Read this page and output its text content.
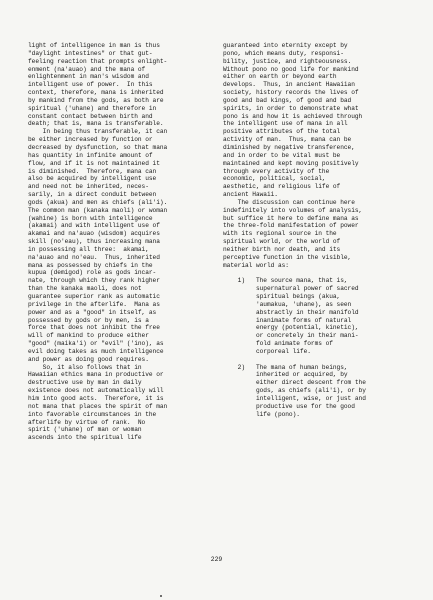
light of intelligence in man is thus
"daylight intestines" or that gut-
feeling reaction that prompts enlight-
enment (na'auao) and the mana of
enlightenment in man's wisdom and
intelligent use of power.  In this
context, therefore, mana is inherited
by mankind from the gods, as both are
spiritual ('uhane) and therefore in
constant contact between birth and
death; that is, mana is transferable.
In being thus transferable, it can
be either increased by function or
decreased by dysfunction, so that mana
has quantity in infinite amount of
flow, and if it is not maintained it
is diminished.  Therefore, mana can
also be acquired by intelligent use
and need not be inherited, neces-
sarily, in a direct conduit between
gods (akua) and men as chiefs (ali'i).
The common man (kanaka maoli) or woman
(wahine) is born with intelligence
(akamai) and with intelligent use of
akamai and na'auao (wisdom) acquires
skill (no'eau), thus increasing mana
in possessing all three:  akamai,
na'auao and no'eau.  Thus, inherited
mana as possessed by chiefs in the
kupua (demigod) role as gods incar-
nate, through which they rank higher
than the kanaka maoli, does not
guarantee superior rank as automatic
privilege in the afterlife.  Mana as
power and as a "good" in itself, as
possessed by gods or by men, is a
force that does not inhibit the free
will of mankind to produce either
"good" (maika'i) or "evil" ('ino), as
evil doing takes as much intelligence
and power as doing good requires.
So, it also follows that in
Hawaiian ethics mana in productive or
destructive use by man in daily
existence does not automatically will
him into good acts.  Therefore, it is
not mana that places the spirit of man
into favorable circumstances in the
afterlife by virtue of rank.  No
spirit ('uhane) of man or woman
ascends into the spiritual life
guaranteed into eternity except by
pono, which means duty, responsi-
bility, justice, and righteousness.
Without pono no good life for mankind
either on earth or beyond earth
develops.  Thus, in ancient Hawaiian
society, history records the lives of
good and bad kings, of good and bad
spirits, in order to demonstrate what
pono is and how it is achieved through
the intelligent use of mana in all
positive attributes of the total
activity of man.  Thus, mana can be
diminished by negative transference,
and in order to be vital must be
maintained and kept moving positively
through every activity of the
economic, political, social,
aesthetic, and religious life of
ancient Hawaii.
The discussion can continue here
indefinitely into volumes of analysis,
but suffice it here to define mana as
the three-fold manifestation of power
with its regional source in the
spiritual world, or the world of
neither birth nor death, and its
perceptive function in the visible,
material world as:
1)   The source mana, that is,
supernatural power of sacred
spiritual beings (akua,
'aumakua, 'uhane), as seen
abstractly in their manifold
inanimate forms of natural
energy (potential, kinetic),
or concretely in their mani-
fold animate forms of
corporeal life.
2)   The mana of human beings,
inherited or acquired, by
either direct descent from the
gods, as chiefs (ali'i), or by
intelligent, wise, or just and
productive use for the good
life (pono).
229
